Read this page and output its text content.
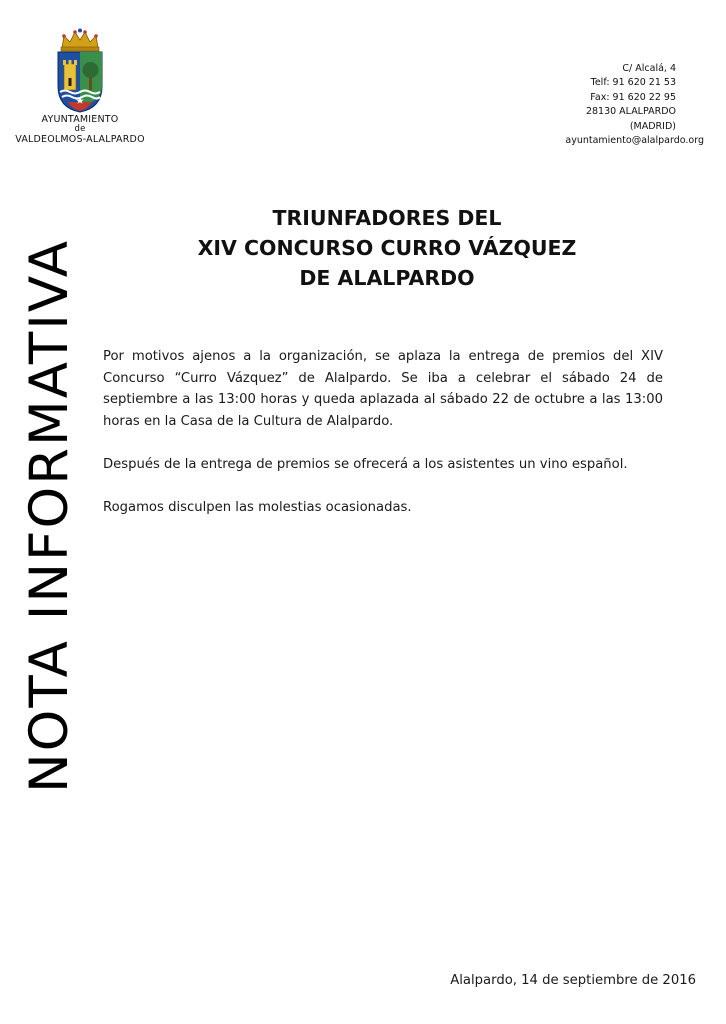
AYUNTAMIENTO
de
VALDEOLMOS-ALALPARDO
C/ Alcalá, 4
Telf: 91 620 21 53
Fax: 91 620 22 95
28130 ALALPARDO
(MADRID)
ayuntamiento@alalpardo.org
NOTA INFORMATIVA
TRIUNFADORES DEL
XIV CONCURSO CURRO VÁZQUEZ
DE ALALPARDO

Por motivos ajenos a la organización, se aplaza la entrega de premios del XIV Concurso “Curro Vázquez” de Alalpardo. Se iba a celebrar el sábado 24 de septiembre a las 13:00 horas y queda aplazada al sábado 22 de octubre a las 13:00 horas en la Casa de la Cultura de Alalpardo.

Después de la entrega de premios se ofrecerá a los asistentes un vino español.

Rogamos disculpen las molestias ocasionadas.

Alalpardo, 14 de septiembre de 2016
